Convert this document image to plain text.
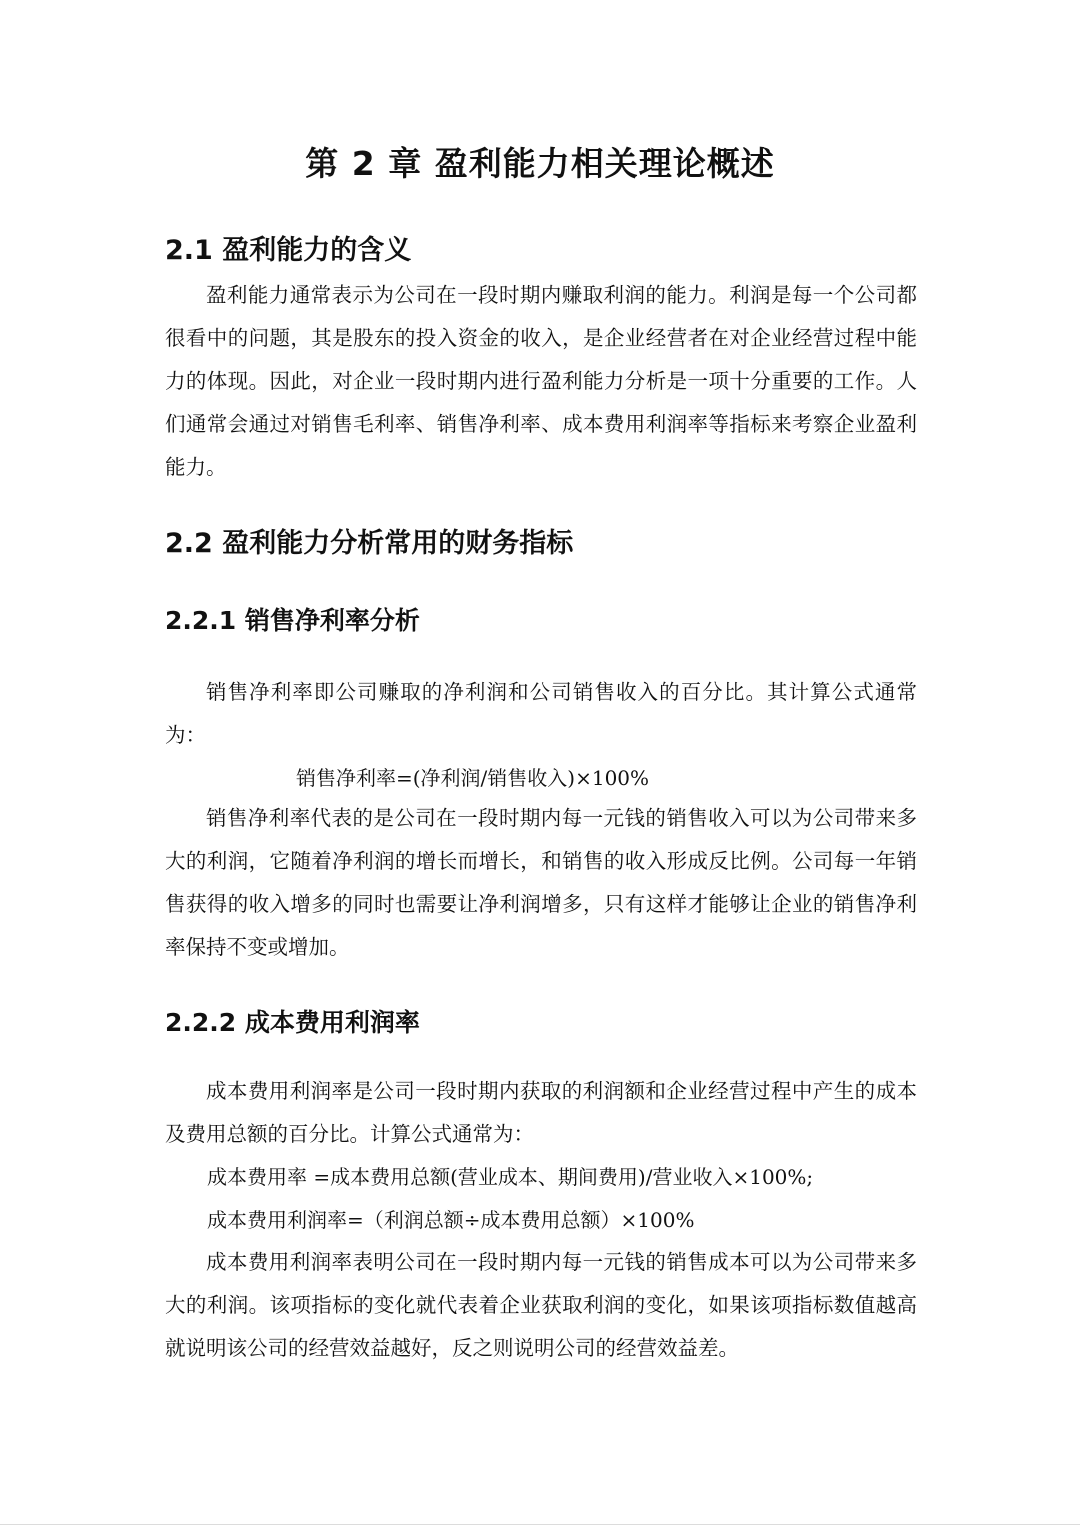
第 2 章 盈利能力相关理论概述
2.1 盈利能力的含义

盈利能力通常表示为公司在一段时期内赚取利润的能力。利润是每一个公司都很看中的问题，其是股东的投入资金的收入，是企业经营者在对企业经营过程中能力的体现。因此，对企业一段时期内进行盈利能力分析是一项十分重要的工作。人们通常会通过对销售毛利率、销售净利率、成本费用利润率等指标来考察企业盈利能力。

2.2 盈利能力分析常用的财务指标
2.2.1 销售净利率分析

销售净利率即公司赚取的净利润和公司销售收入的百分比。其计算公式通常为：

销售净利率=(净利润/销售收入)×100%

销售净利率代表的是公司在一段时期内每一元钱的销售收入可以为公司带来多大的利润，它随着净利润的增长而增长，和销售的收入形成反比例。公司每一年销售获得的收入增多的同时也需要让净利润增多，只有这样才能够让企业的销售净利率保持不变或增加。

2.2.2 成本费用利润率

成本费用利润率是公司一段时期内获取的利润额和企业经营过程中产生的成本及费用总额的百分比。计算公式通常为：

成本费用率 =成本费用总额(营业成本、期间费用)/营业收入×100%;

成本费用利润率=（利润总额÷成本费用总额）×100%

成本费用利润率表明公司在一段时期内每一元钱的销售成本可以为公司带来多大的利润。该项指标的变化就代表着企业获取利润的变化，如果该项指标数值越高就说明该公司的经营效益越好，反之则说明公司的经营效益差。
